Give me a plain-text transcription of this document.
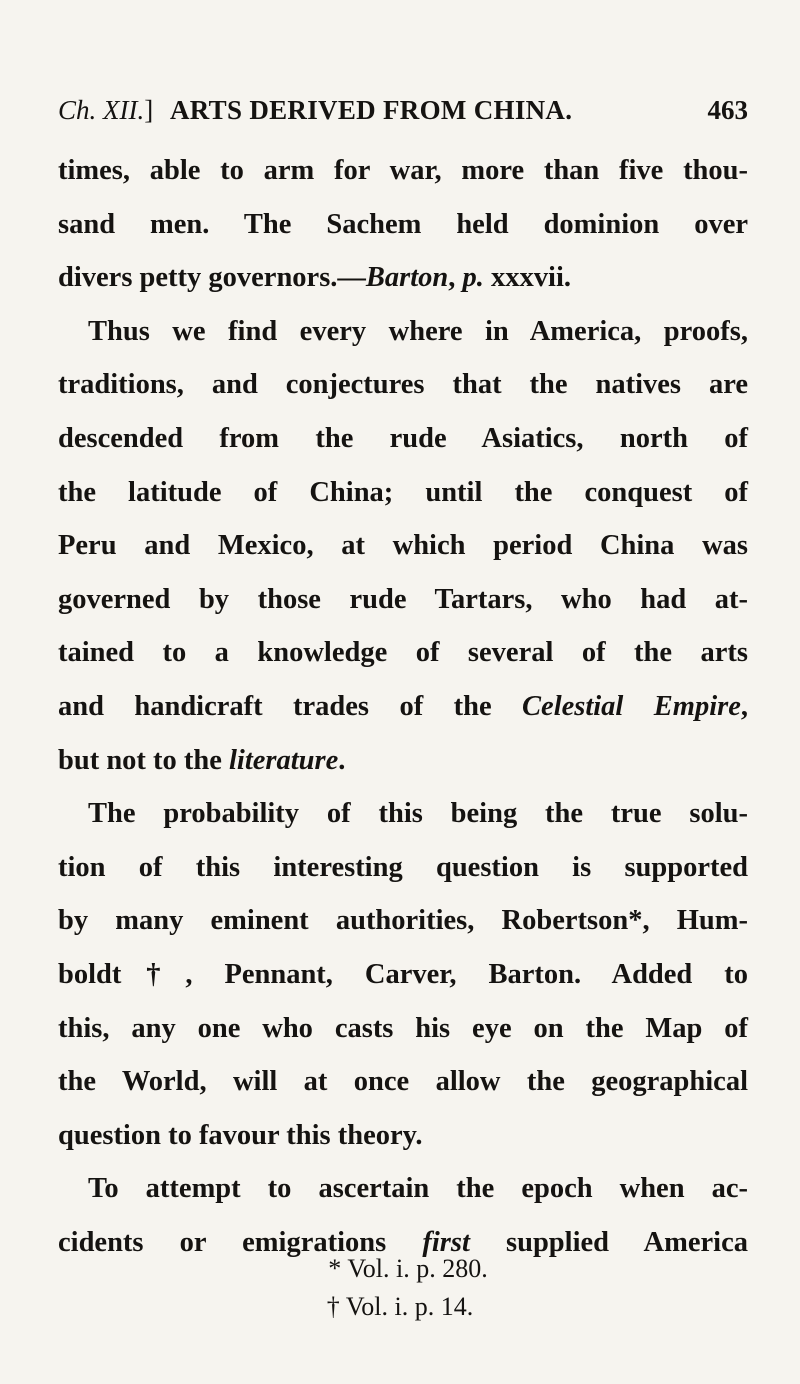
Ch. XII.] ARTS DERIVED FROM CHINA.	463
times, able to arm for war, more than five thou-
sand men. The Sachem held dominion over
divers petty governors.—Barton, p. xxxvii.
Thus we find every where in America, proofs,
traditions, and conjectures that the natives are
descended from the rude Asiatics, north of
the latitude of China; until the conquest of
Peru and Mexico, at which period China was
governed by those rude Tartars, who had at-
tained to a knowledge of several of the arts
and handicraft trades of the Celestial Empire,
but not to the literature.
The probability of this being the true solu-
tion of this interesting question is supported
by many eminent authorities, Robertson*, Hum-
boldt†, Pennant, Carver, Barton. Added to
this, any one who casts his eye on the Map of
the World, will at once allow the geographical
question to favour this theory.
To attempt to ascertain the epoch when ac-
cidents or emigrations first supplied America
* Vol. i. p. 280.
† Vol. i. p. 14.
